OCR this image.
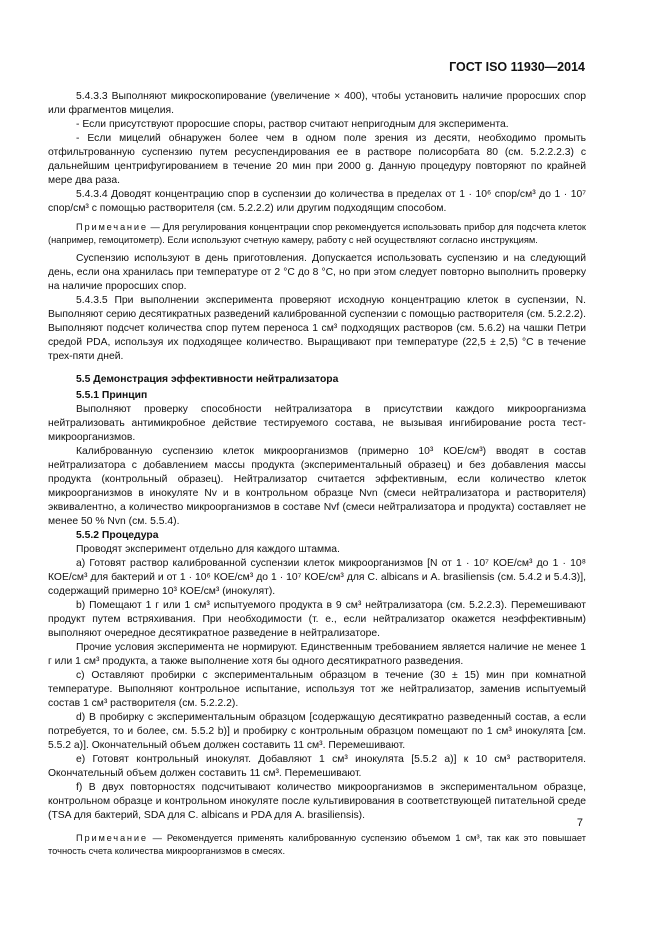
ГОСТ ISO 11930—2014

5.4.3.3 Выполняют микроскопирование (увеличение × 400), чтобы установить наличие проросших спор или фрагментов мицелия.

- Если присутствуют проросшие споры, раствор считают непригодным для эксперимента.

- Если мицелий обнаружен более чем в одном поле зрения из десяти, необходимо промыть отфильтрованную суспензию путем ресуспендирования ее в растворе полисорбата 80 (см. 5.2.2.2.3) с дальнейшим центрифугированием в течение 20 мин при 2000 g. Данную процедуру повторяют по крайней мере два раза.

5.4.3.4 Доводят концентрацию спор в суспензии до количества в пределах от 1 · 10⁶ спор/см³ до 1 · 10⁷ спор/см³ с помощью растворителя (см. 5.2.2.2) или другим подходящим способом.

Примечание — Для регулирования концентрации спор рекомендуется использовать прибор для подсчета клеток (например, гемоцитометр). Если используют счетную камеру, работу с ней осуществляют согласно инструкциям.

Суспензию используют в день приготовления. Допускается использовать суспензию и на следующий день, если она хранилась при температуре от 2 °С до 8 °С, но при этом следует повторно выполнить проверку на наличие проросших спор.

5.4.3.5 При выполнении эксперимента проверяют исходную концентрацию клеток в суспензии, N. Выполняют серию десятикратных разведений калиброванной суспензии с помощью растворителя (см. 5.2.2.2). Выполняют подсчет количества спор путем переноса 1 см³ подходящих растворов (см. 5.6.2) на чашки Петри средой PDA, используя их подходящее количество. Выращивают при температуре (22,5 ± 2,5) °С в течение трех-пяти дней.

5.5 Демонстрация эффективности нейтрализатора

5.5.1 Принцип

Выполняют проверку способности нейтрализатора в присутствии каждого микроорганизма нейтрализовать антимикробное действие тестируемого состава, не вызывая ингибирование роста тест-микроорганизмов.

Калиброванную суспензию клеток микроорганизмов (примерно 10³ КОЕ/см³) вводят в состав нейтрализатора с добавлением массы продукта (экспериментальный образец) и без добавления массы продукта (контрольный образец). Нейтрализатор считается эффективным, если количество клеток микроорганизмов в инокуляте Nv и в контрольном образце Nvn (смеси нейтрализатора и растворителя) эквивалентно, а количество микроорганизмов в составе Nvf (смеси нейтрализатора и продукта) составляет не менее 50 % Nvn (см. 5.5.4).

5.5.2 Процедура

Проводят эксперимент отдельно для каждого штамма.

а) Готовят раствор калиброванной суспензии клеток микроорганизмов [N от 1 · 10⁷ КОЕ/см³ до 1 · 10⁸ КОЕ/см³ для бактерий и от 1 · 10⁶ КОЕ/см³ до 1 · 10⁷ КОЕ/см³ для C. albicans и A. brasiliensis (см. 5.4.2 и 5.4.3)], содержащий примерно 10³ КОЕ/см³ (инокулят).

b) Помещают 1 г или 1 см³ испытуемого продукта в 9 см³ нейтрализатора (см. 5.2.2.3). Перемешивают продукт путем встряхивания. При необходимости (т. е., если нейтрализатор окажется неэффективным) выполняют очередное десятикратное разведение в нейтрализаторе.

Прочие условия эксперимента не нормируют. Единственным требованием является наличие не менее 1 г или 1 см³ продукта, а также выполнение хотя бы одного десятикратного разведения.

с) Оставляют пробирки с экспериментальным образцом в течение (30 ± 15) мин при комнатной температуре. Выполняют контрольное испытание, используя тот же нейтрализатор, заменив испытуемый состав 1 см³ растворителя (см. 5.2.2.2).

d) В пробирку с экспериментальным образцом [содержащую десятикратно разведенный состав, а если потребуется, то и более, см. 5.5.2 b)] и пробирку с контрольным образцом помещают по 1 см³ инокулята [см. 5.5.2 а)]. Окончательный объем должен составить 11 см³. Перемешивают.

е) Готовят контрольный инокулят. Добавляют 1 см³ инокулята [5.5.2 а)] к 10 см³ растворителя. Окончательный объем должен составить 11 см³. Перемешивают.

f) В двух повторностях подсчитывают количество микроорганизмов в экспериментальном образце, контрольном образце и контрольном инокуляте после культивирования в соответствующей питательной среде (TSA для бактерий, SDA для C. albicans и PDA для A. brasiliensis).

Примечание — Рекомендуется применять калиброванную суспензию объемом 1 см³, так как это повышает точность счета количества микроорганизмов в смесях.

7
